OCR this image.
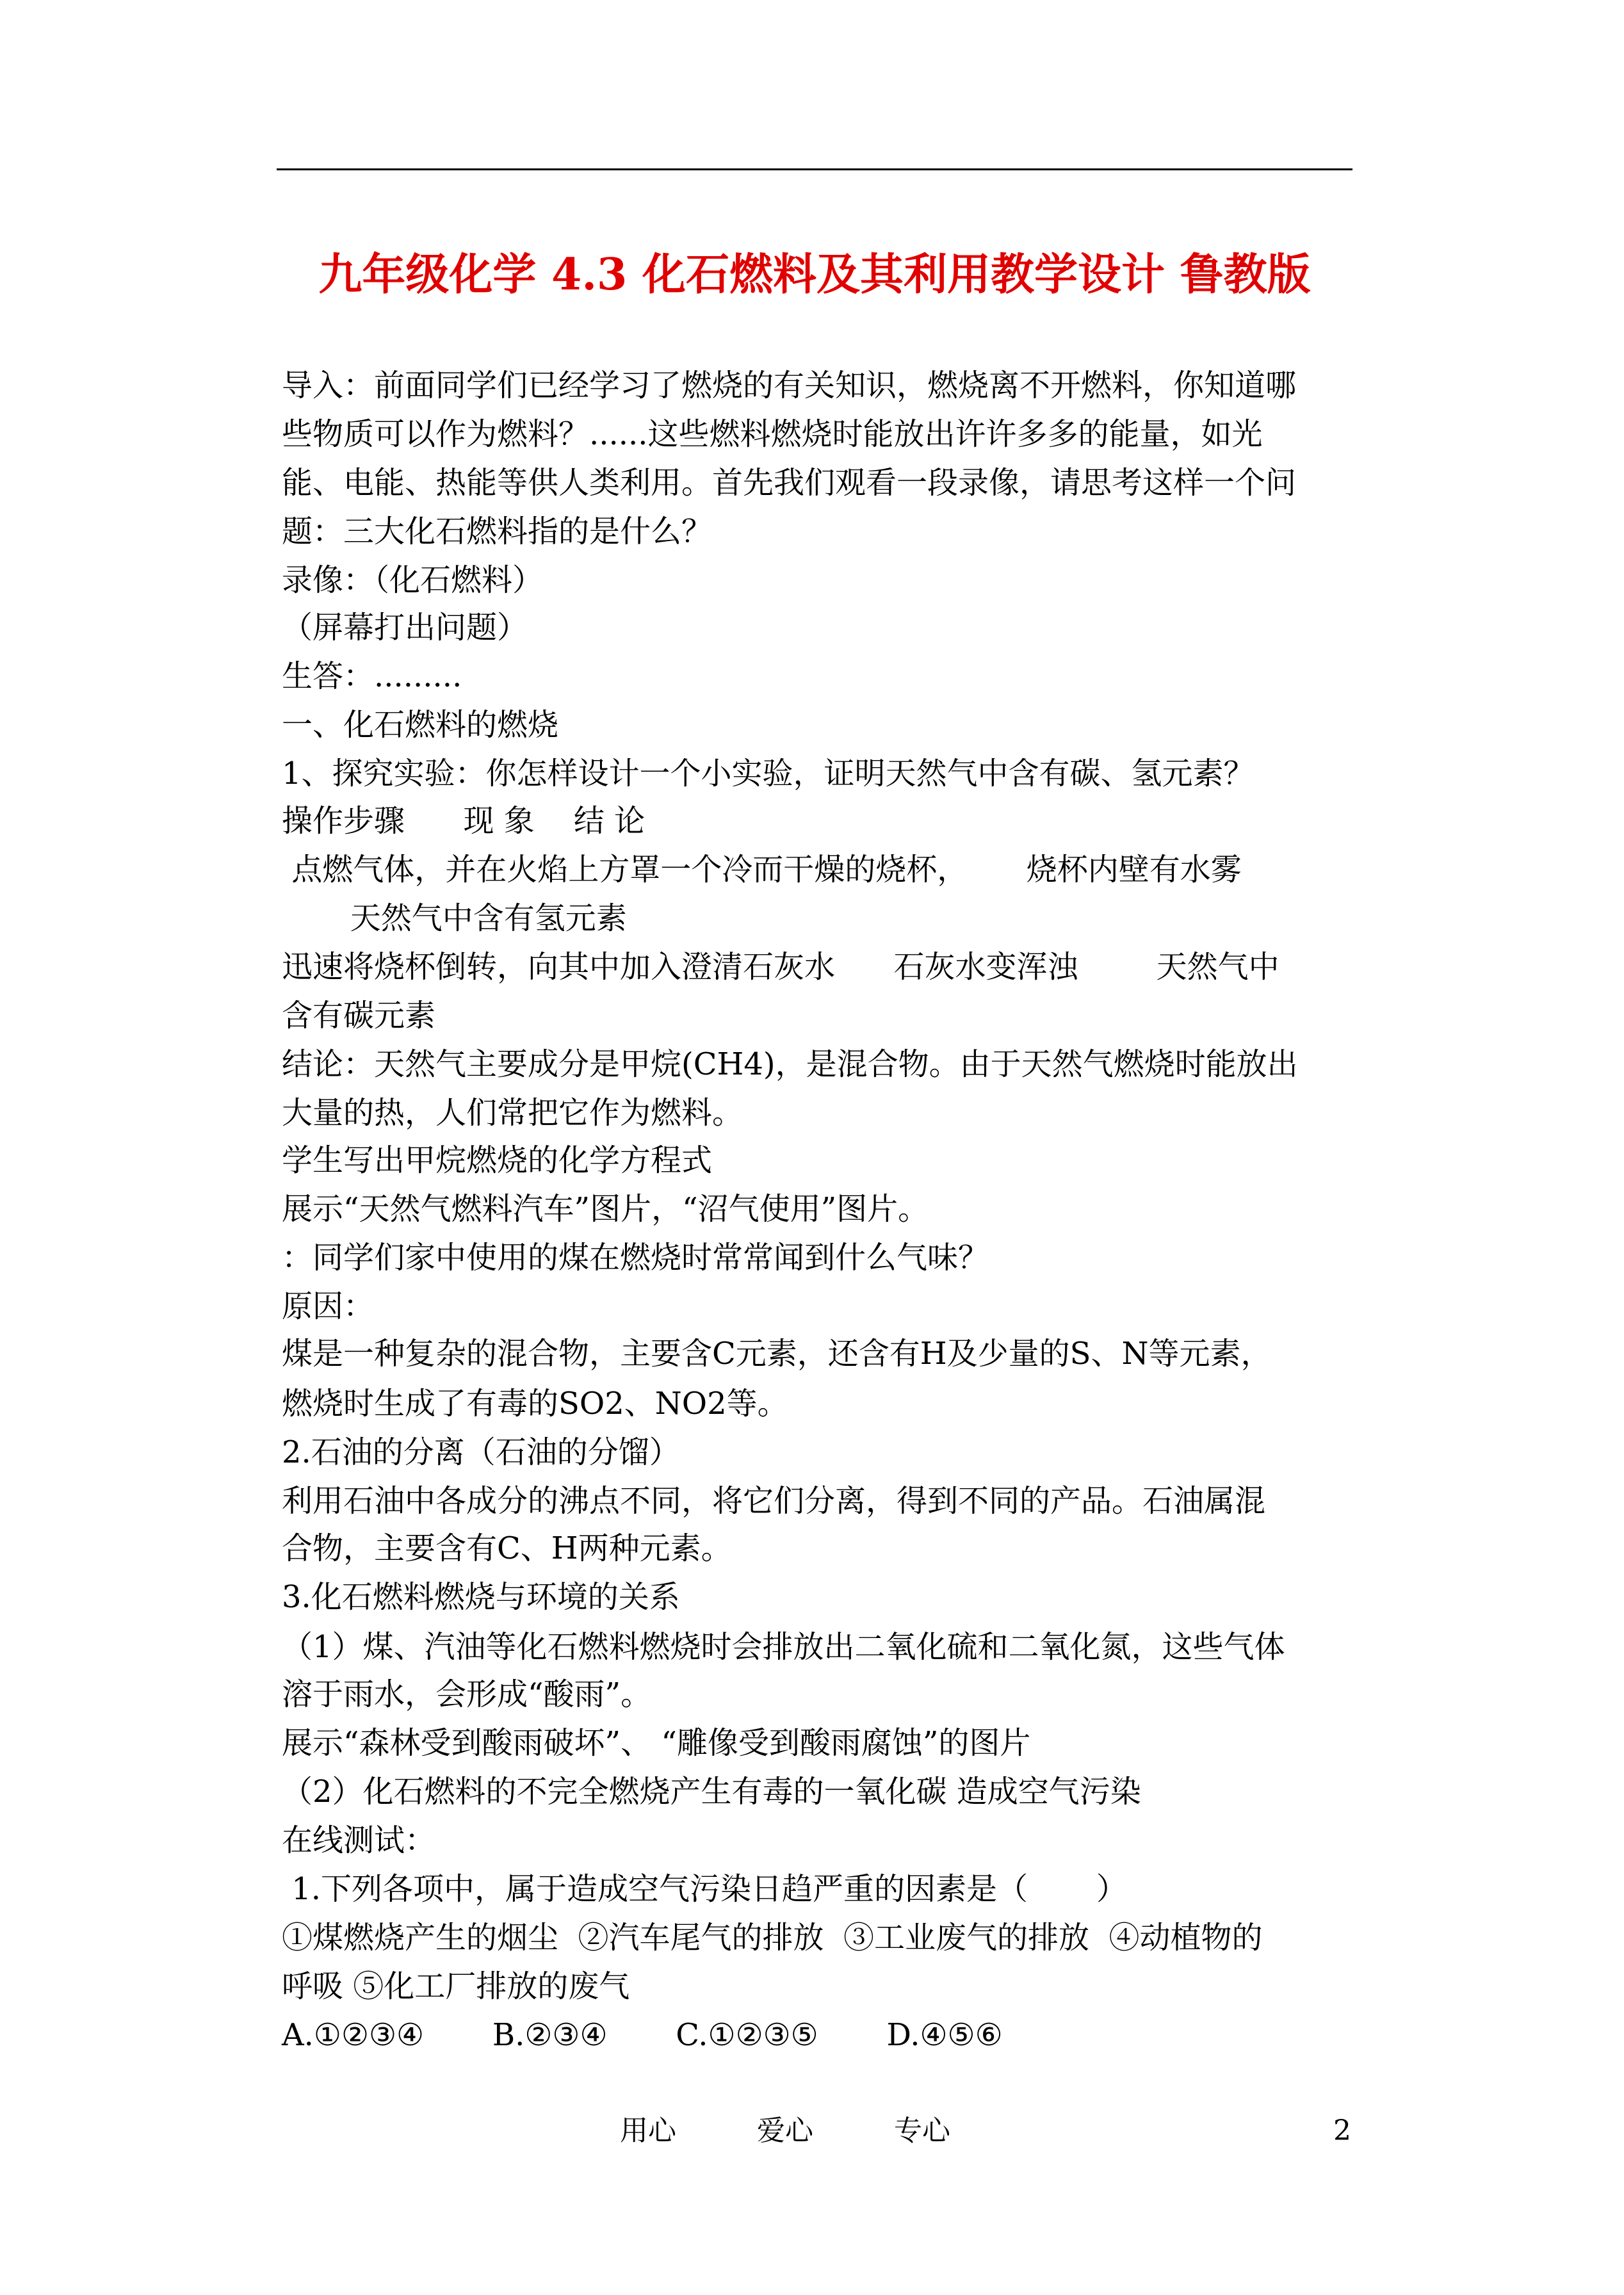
九年级化学 4.3 化石燃料及其利用教学设计 鲁教版
导入：前面同学们已经学习了燃烧的有关知识，燃烧离不开燃料，你知道哪
些物质可以作为燃料？......这些燃料燃烧时能放出许许多多的能量，如光
能、电能、热能等供人类利用。首先我们观看一段录像，请思考这样一个问
题：三大化石燃料指的是什么？
录像：（化石燃料）
（屏幕打出问题）
生答：.........
一、化石燃料的燃烧
1、探究实验：你怎样设计一个小实验，证明天然气中含有碳、氢元素？
操作步骤      现 象    结 论
点燃气体，并在火焰上方罩一个冷而干燥的烧杯，      烧杯内壁有水雾
天然气中含有氢元素
迅速将烧杯倒转，向其中加入澄清石灰水      石灰水变浑浊        天然气中
含有碳元素
结论：天然气主要成分是甲烷(CH4)，是混合物。由于天然气燃烧时能放出
大量的热，人们常把它作为燃料。
学生写出甲烷燃烧的化学方程式
展示“天然气燃料汽车”图片，“沼气使用”图片。
：同学们家中使用的煤在燃烧时常常闻到什么气味？
原因：
煤是一种复杂的混合物，主要含C元素，还含有H及少量的S、N等元素，
燃烧时生成了有毒的SO2、NO2等。
2.石油的分离（石油的分馏）
利用石油中各成分的沸点不同，将它们分离，得到不同的产品。石油属混
合物，主要含有C、H两种元素。
3.化石燃料燃烧与环境的关系
（1）煤、汽油等化石燃料燃烧时会排放出二氧化硫和二氧化氮，这些气体
溶于雨水，会形成“酸雨”。
展示“森林受到酸雨破坏”、 “雕像受到酸雨腐蚀”的图片
（2）化石燃料的不完全燃烧产生有毒的一氧化碳 造成空气污染
在线测试：
1.下列各项中，属于造成空气污染日趋严重的因素是（       ）
①煤燃烧产生的烟尘  ②汽车尾气的排放  ③工业废气的排放  ④动植物的
呼吸 ⑤化工厂排放的废气
A.①②③④       B.②③④       C.①②③⑤       D.④⑤⑥
用心	爱心	专心	2
